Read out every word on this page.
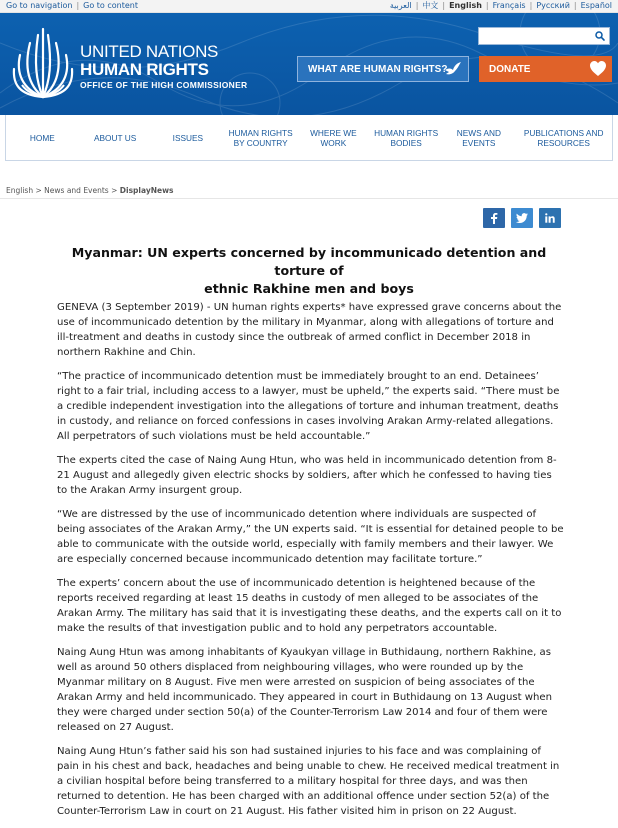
Go to navigation | Go to content	العربية | 中文 | English | Français | Русский | Español
UNITED NATIONS
HUMAN RIGHTS
OFFICE OF THE HIGH COMMISSIONER
WHAT ARE HUMAN RIGHTS?	DONATE
HOME	ABOUT US	ISSUES	HUMAN RIGHTS
BY COUNTRY
WHERE WE
WORK
HUMAN RIGHTS
BODIES
NEWS AND
EVENTS
PUBLICATIONS AND
RESOURCES
English > News and Events > DisplayNews
Myanmar: UN experts concerned by incommunicado detention and torture of
ethnic Rakhine men and boys

GENEVA (3 September 2019) - UN human rights experts* have expressed grave concerns about the use of incommunicado detention by the military in Myanmar, along with allegations of torture and ill-treatment and deaths in custody since the outbreak of armed conflict in December 2018 in northern Rakhine and Chin.

“The practice of incommunicado detention must be immediately brought to an end. Detainees’ right to a fair trial, including access to a lawyer, must be upheld,” the experts said. “There must be a credible independent investigation into the allegations of torture and inhuman treatment, deaths in custody, and reliance on forced confessions in cases involving Arakan Army-related allegations. All perpetrators of such violations must be held accountable.”

The experts cited the case of Naing Aung Htun, who was held in incommunicado detention from 8-21 August and allegedly given electric shocks by soldiers, after which he confessed to having ties to the Arakan Army insurgent group.

“We are distressed by the use of incommunicado detention where individuals are suspected of being associates of the Arakan Army,” the UN experts said. “It is essential for detained people to be able to communicate with the outside world, especially with family members and their lawyer. We are especially concerned because incommunicado detention may facilitate torture.”

The experts’ concern about the use of incommunicado detention is heightened because of the reports received regarding at least 15 deaths in custody of men alleged to be associates of the Arakan Army. The military has said that it is investigating these deaths, and the experts call on it to make the results of that investigation public and to hold any perpetrators accountable.

Naing Aung Htun was among inhabitants of Kyaukyan village in Buthidaung, northern Rakhine, as well as around 50 others displaced from neighbouring villages, who were rounded up by the Myanmar military on 8 August. Five men were arrested on suspicion of being associates of the Arakan Army and held incommunicado. They appeared in court in Buthidaung on 13 August when they were charged under section 50(a) of the Counter-Terrorism Law 2014 and four of them were released on 27 August.

Naing Aung Htun’s father said his son had sustained injuries to his face and was complaining of pain in his chest and back, headaches and being unable to chew. He received medical treatment in a civilian hospital before being transferred to a military hospital for three days, and was then returned to detention. He has been charged with an additional offence under section 52(a) of the Counter-Terrorism Law in court on 21 August. His father visited him in prison on 22 August.
